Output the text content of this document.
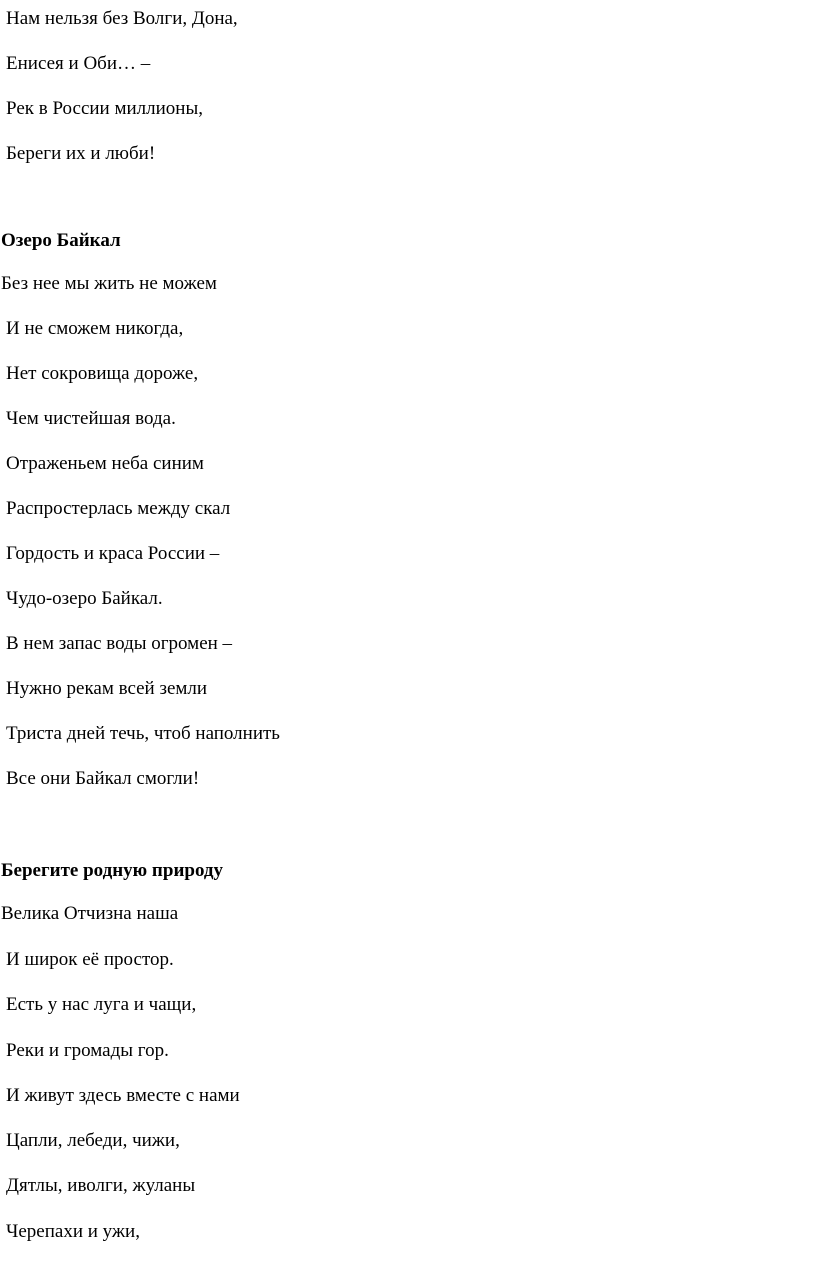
Нам нельзя без Волги, Дона,
Енисея и Оби… –
Рек в России миллионы,
Береги их и люби!
Озеро Байкал
Без нее мы жить не можем
И не сможем никогда,
Нет сокровища дороже,
Чем чистейшая вода.
Отраженьем неба синим
Распростерлась между скал
Гордость и краса России –
Чудо-озеро Байкал.
В нем запас воды огромен –
Нужно рекам всей земли
Триста дней течь, чтоб наполнить
Все они Байкал смогли!
Берегите родную природу
Велика Отчизна наша
И широк её простор.
Есть у нас луга и чащи,
Реки и громады гор.
И живут здесь вместе с нами
Цапли, лебеди, чижи,
Дятлы, иволги, жуланы
Черепахи и ужи,
